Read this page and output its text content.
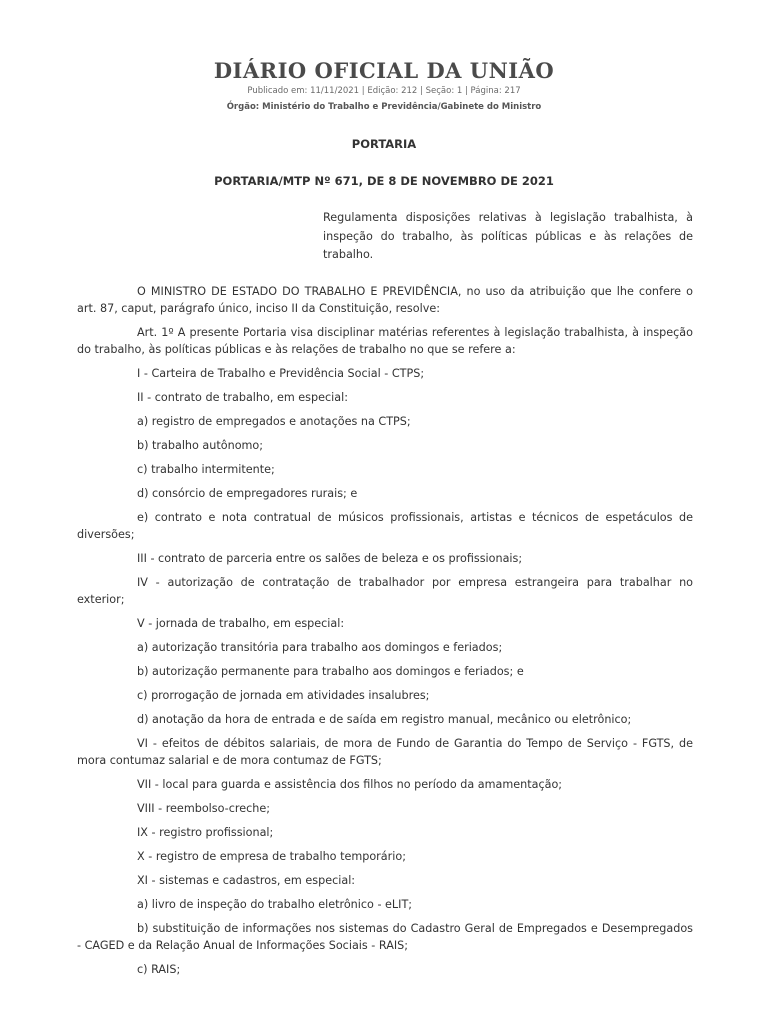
DIÁRIO OFICIAL DA UNIÃO
Publicado em: 11/11/2021 | Edição: 212 | Seção: 1 | Página: 217
Órgão: Ministério do Trabalho e Previdência/Gabinete do Ministro
PORTARIA
PORTARIA/MTP Nº 671, DE 8 DE NOVEMBRO DE 2021
Regulamenta disposições relativas à legislação trabalhista, à inspeção do trabalho, às políticas públicas e às relações de trabalho.

O MINISTRO DE ESTADO DO TRABALHO E PREVIDÊNCIA, no uso da atribuição que lhe confere o art. 87, caput, parágrafo único, inciso II da Constituição, resolve:

Art. 1º A presente Portaria visa disciplinar matérias referentes à legislação trabalhista, à inspeção do trabalho, às políticas públicas e às relações de trabalho no que se refere a:

I - Carteira de Trabalho e Previdência Social - CTPS;

II - contrato de trabalho, em especial:

a) registro de empregados e anotações na CTPS;

b) trabalho autônomo;

c) trabalho intermitente;

d) consórcio de empregadores rurais; e

e) contrato e nota contratual de músicos profissionais, artistas e técnicos de espetáculos de diversões;

III - contrato de parceria entre os salões de beleza e os profissionais;

IV - autorização de contratação de trabalhador por empresa estrangeira para trabalhar no exterior;

V - jornada de trabalho, em especial:

a) autorização transitória para trabalho aos domingos e feriados;

b) autorização permanente para trabalho aos domingos e feriados; e

c) prorrogação de jornada em atividades insalubres;

d) anotação da hora de entrada e de saída em registro manual, mecânico ou eletrônico;

VI - efeitos de débitos salariais, de mora de Fundo de Garantia do Tempo de Serviço - FGTS, de mora contumaz salarial e de mora contumaz de FGTS;

VII - local para guarda e assistência dos filhos no período da amamentação;

VIII - reembolso-creche;

IX - registro profissional;

X - registro de empresa de trabalho temporário;

XI - sistemas e cadastros, em especial:

a) livro de inspeção do trabalho eletrônico - eLIT;

b) substituição de informações nos sistemas do Cadastro Geral de Empregados e Desempregados - CAGED e da Relação Anual de Informações Sociais - RAIS;

c) RAIS;
